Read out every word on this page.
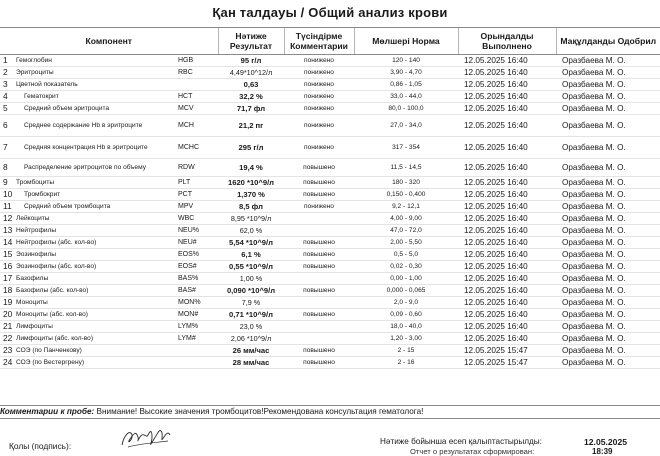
Қан талдауы / Общий анализ крови
Компонент			Нәтиже Результат	Түсіндірме Комментарии	Мөлшері Норма	Орындалды Выполнено	Мақұлданды Одобрил
1	Гемоглобин	HGB	95 г/л	понижено	120 - 140	12.05.2025 16:40	Оразбаева М. О.
2	Эритроциты	RBC	4,49*10^12/л	понижено	3,90 - 4,70	12.05.2025 16:40	Оразбаева М. О.
3	Цветной показатель		0,63	понижено	0,86 - 1,05	12.05.2025 16:40	Оразбаева М. О.
4	Гематокрит	HCT	32,2 %	понижено	33,0 - 44,0	12.05.2025 16:40	Оразбаева М. О.
5	Средний объем эритроцита	MCV	71,7 фл	понижено	80,0 - 100,0	12.05.2025 16:40	Оразбаева М. О.
6	Среднее содержание Hb в эритроците	MCH	21,2 пг	понижено	27,0 - 34,0	12.05.2025 16:40	Оразбаева М. О.
7	Средняя концентрация Hb в эритроците	MCHC	295 г/л	понижено	317 - 354	12.05.2025 16:40	Оразбаева М. О.
8	Распределение эритроцитов по объему	RDW	19,4 %	повышено	11,5 - 14,5	12.05.2025 16:40	Оразбаева М. О.
9	Тромбоциты	PLT	1620 *10^9/л	повышено	180 - 320	12.05.2025 16:40	Оразбаева М. О.
10	Тромбокрит	PCT	1,370 %	повышено	0,150 - 0,400	12.05.2025 16:40	Оразбаева М. О.
11	Средний объем тромбоцита	MPV	8,5 фл	понижено	9,2 - 12,1	12.05.2025 16:40	Оразбаева М. О.
12	Лейкоциты	WBC	8,95 *10^9/л		4,00 - 9,00	12.05.2025 16:40	Оразбаева М. О.
13	Нейтрофилы	NEU%	62,0 %		47,0 - 72,0	12.05.2025 16:40	Оразбаева М. О.
14	Нейтрофилы (абс. кол-во)	NEU#	5,54 *10^9/л	повышено	2,00 - 5,50	12.05.2025 16:40	Оразбаева М. О.
15	Эозинофилы	EOS%	6,1 %	повышено	0,5 - 5,0	12.05.2025 16:40	Оразбаева М. О.
16	Эозинофилы (абс. кол-во)	EOS#	0,55 *10^9/л	повышено	0,02 - 0,30	12.05.2025 16:40	Оразбаева М. О.
17	Базофилы	BAS%	1,00 %		0,00 - 1,00	12.05.2025 16:40	Оразбаева М. О.
18	Базофилы (абс. кол-во)	BAS#	0,090 *10^9/л	повышено	0,000 - 0,065	12.05.2025 16:40	Оразбаева М. О.
19	Моноциты	MON%	7,9 %		2,0 - 9,0	12.05.2025 16:40	Оразбаева М. О.
20	Моноциты (абс. кол-во)	MON#	0,71 *10^9/л	повышено	0,09 - 0,60	12.05.2025 16:40	Оразбаева М. О.
21	Лимфоциты	LYM%	23,0 %		18,0 - 40,0	12.05.2025 16:40	Оразбаева М. О.
22	Лимфоциты (абс. кол-во)	LYM#	2,06 *10^9/л		1,20 - 3,00	12.05.2025 16:40	Оразбаева М. О.
23	СОЭ (по Панченкову)		26 мм/час	повышено	2 - 15	12.05.2025 15:47	Оразбаева М. О.
24	СОЭ (по Вестергрену)		28 мм/час	повышено	2 - 16	12.05.2025 15:47	Оразбаева М. О.
Комментарии к пробе: Внимание! Высокие значения тромбоцитов!Рекомендована консультация гематолога!
Қолы (подпись):	Нәтиже бойынша есеп қалыптастырылды:	12.05.2025
Отчет о результатах сформирован:	18:39
